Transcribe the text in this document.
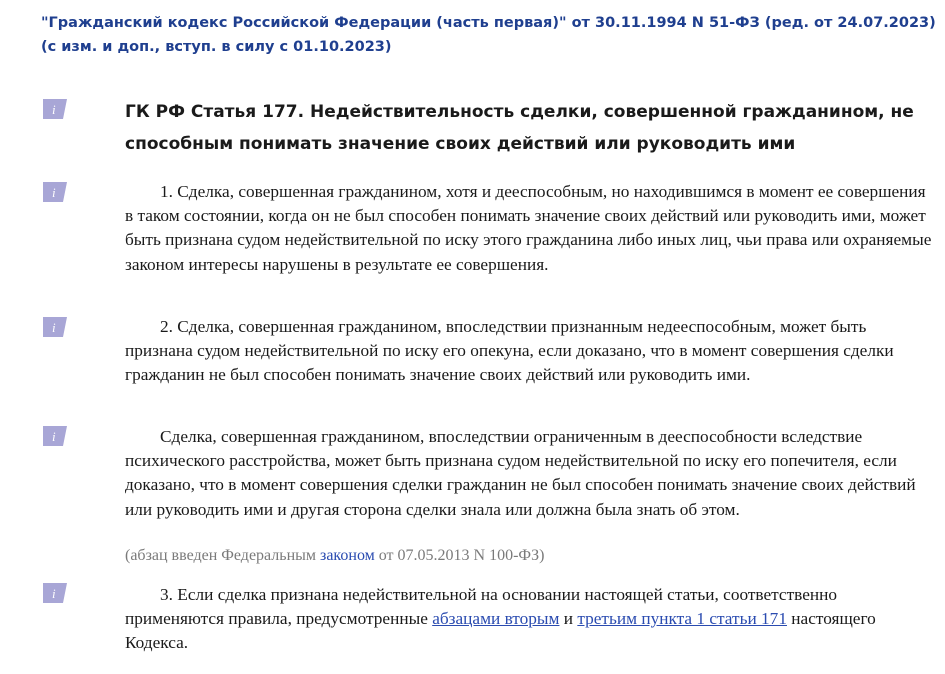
"Гражданский кодекс Российской Федерации (часть первая)" от 30.11.1994 N 51-ФЗ (ред. от 24.07.2023) (с изм. и доп., вступ. в силу с 01.10.2023)
i	ГК РФ Статья 177. Недействительность сделки, совершенной гражданином, не способным понимать значение своих действий или руководить ими
i	1. Сделка, совершенная гражданином, хотя и дееспособным, но находившимся в момент ее совершения в таком состоянии, когда он не был способен понимать значение своих действий или руководить ими, может быть признана судом недействительной по иску этого гражданина либо иных лиц, чьи права или охраняемые законом интересы нарушены в результате ее совершения.
i	2. Сделка, совершенная гражданином, впоследствии признанным недееспособным, может быть признана судом недействительной по иску его опекуна, если доказано, что в момент совершения сделки гражданин не был способен понимать значение своих действий или руководить ими.
i	Сделка, совершенная гражданином, впоследствии ограниченным в дееспособности вследствие психического расстройства, может быть признана судом недействительной по иску его попечителя, если доказано, что в момент совершения сделки гражданин не был способен понимать значение своих действий или руководить ими и другая сторона сделки знала или должна была знать об этом.
(абзац введен Федеральным законом от 07.05.2013 N 100-ФЗ)
i	3. Если сделка признана недействительной на основании настоящей статьи, соответственно применяются правила, предусмотренные абзацами вторым и третьим пункта 1 статьи 171 настоящего Кодекса.
